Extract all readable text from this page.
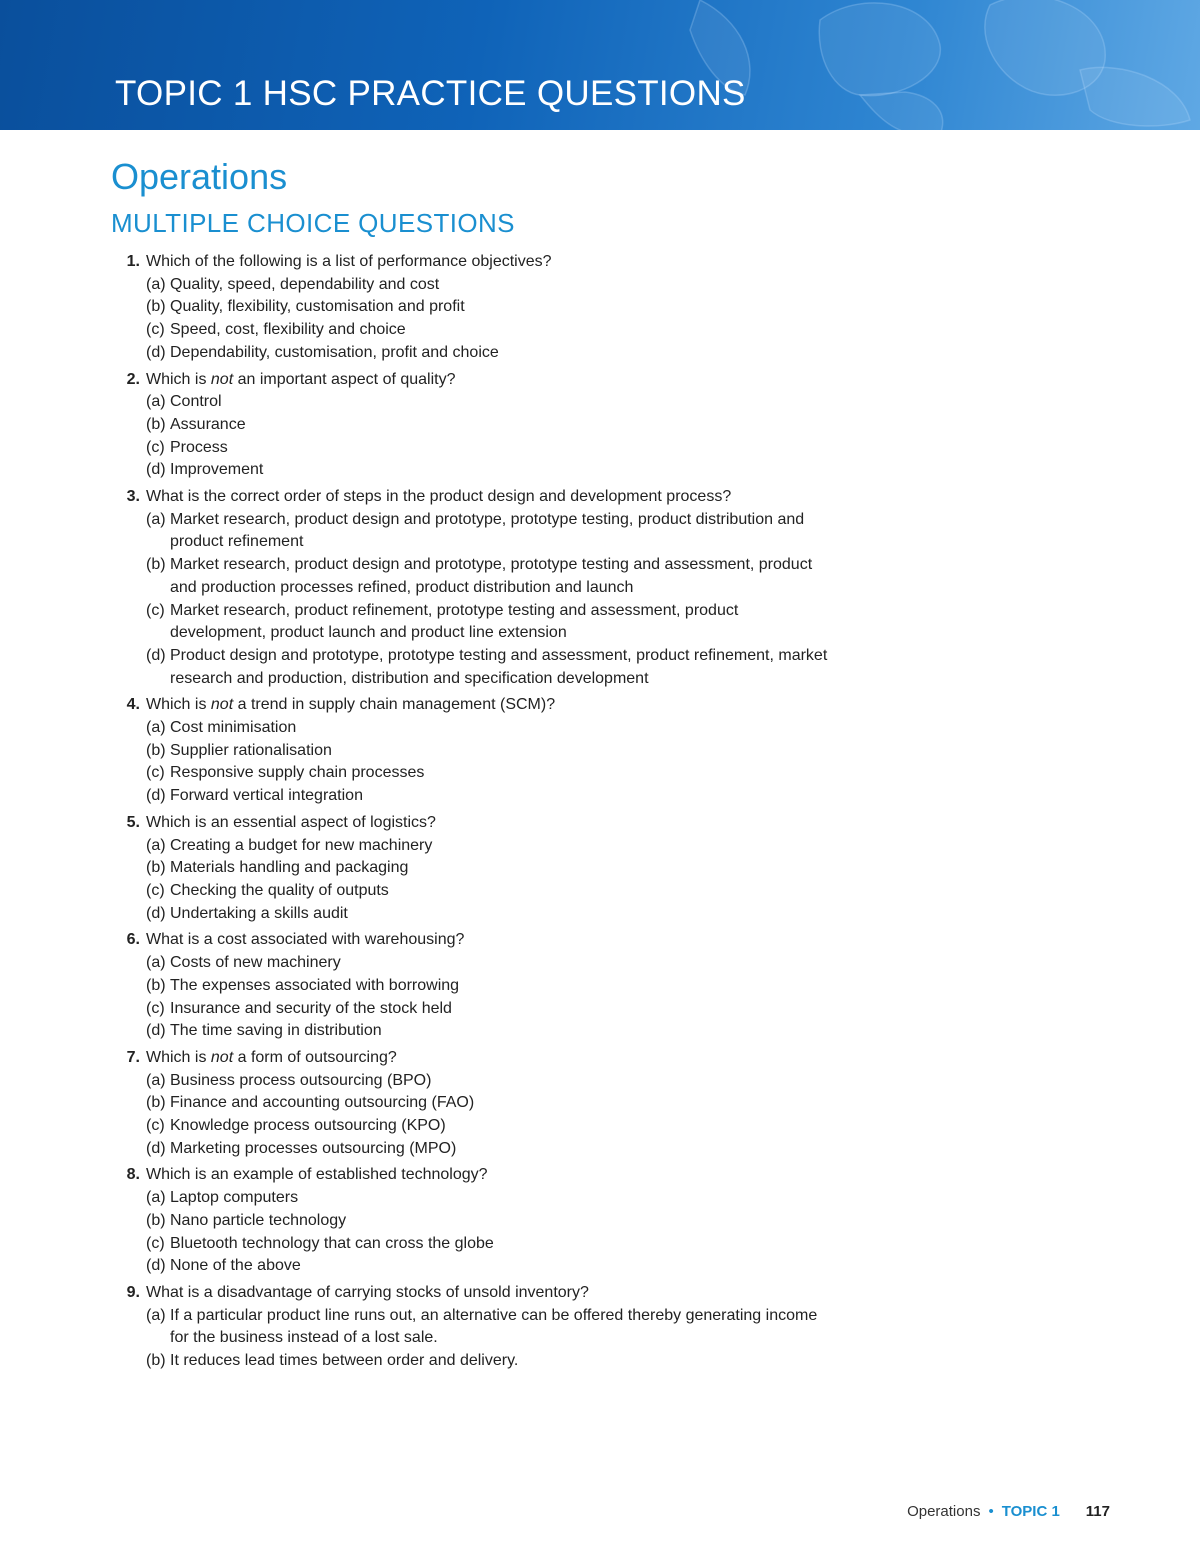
TOPIC 1 HSC PRACTICE QUESTIONS
Operations
MULTIPLE CHOICE QUESTIONS
1. Which of the following is a list of performance objectives?
(a) Quality, speed, dependability and cost
(b) Quality, flexibility, customisation and profit
(c) Speed, cost, flexibility and choice
(d) Dependability, customisation, profit and choice
2. Which is not an important aspect of quality?
(a) Control
(b) Assurance
(c) Process
(d) Improvement
3. What is the correct order of steps in the product design and development process?
(a) Market research, product design and prototype, prototype testing, product distribution and product refinement
(b) Market research, product design and prototype, prototype testing and assessment, product and production processes refined, product distribution and launch
(c) Market research, product refinement, prototype testing and assessment, product development, product launch and product line extension
(d) Product design and prototype, prototype testing and assessment, product refinement, market research and production, distribution and specification development
4. Which is not a trend in supply chain management (SCM)?
(a) Cost minimisation
(b) Supplier rationalisation
(c) Responsive supply chain processes
(d) Forward vertical integration
5. Which is an essential aspect of logistics?
(a) Creating a budget for new machinery
(b) Materials handling and packaging
(c) Checking the quality of outputs
(d) Undertaking a skills audit
6. What is a cost associated with warehousing?
(a) Costs of new machinery
(b) The expenses associated with borrowing
(c) Insurance and security of the stock held
(d) The time saving in distribution
7. Which is not a form of outsourcing?
(a) Business process outsourcing (BPO)
(b) Finance and accounting outsourcing (FAO)
(c) Knowledge process outsourcing (KPO)
(d) Marketing processes outsourcing (MPO)
8. Which is an example of established technology?
(a) Laptop computers
(b) Nano particle technology
(c) Bluetooth technology that can cross the globe
(d) None of the above
9. What is a disadvantage of carrying stocks of unsold inventory?
(a) If a particular product line runs out, an alternative can be offered thereby generating income for the business instead of a lost sale.
(b) It reduces lead times between order and delivery.
Operations • TOPIC 1 117
